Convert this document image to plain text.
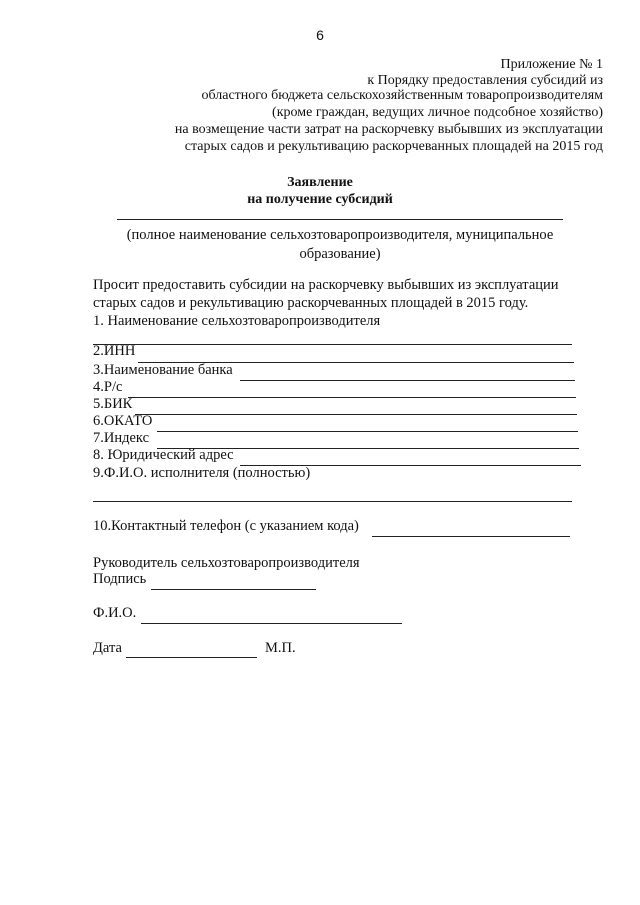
6
Приложение № 1
к Порядку предоставления субсидий из
областного бюджета сельскохозяйственным товаропроизводителям
(кроме граждан, ведущих личное подсобное хозяйство)
на возмещение части затрат на раскорчевку выбывших из эксплуатации
старых садов и рекультивацию раскорчеванных площадей на 2015 год
Заявление
на получение субсидий
(полное наименование сельхозтоваропроизводителя, муниципальное
образование)
Просит предоставить субсидии на раскорчевку выбывших из эксплуатации
старых садов и рекультивацию раскорчеванных площадей в 2015 году.
1. Наименование сельхозтоваропроизводителя
2.ИНН
3.Наименование банка
4.Р/с
5.БИК
6.ОКАТО
7.Индекс
8. Юридический адрес
9.Ф.И.О. исполнителя (полностью)
10.Контактный телефон (с указанием кода)
Руководитель сельхозтоваропроизводителя
Подпись
Ф.И.О.
Дата	М.П.
